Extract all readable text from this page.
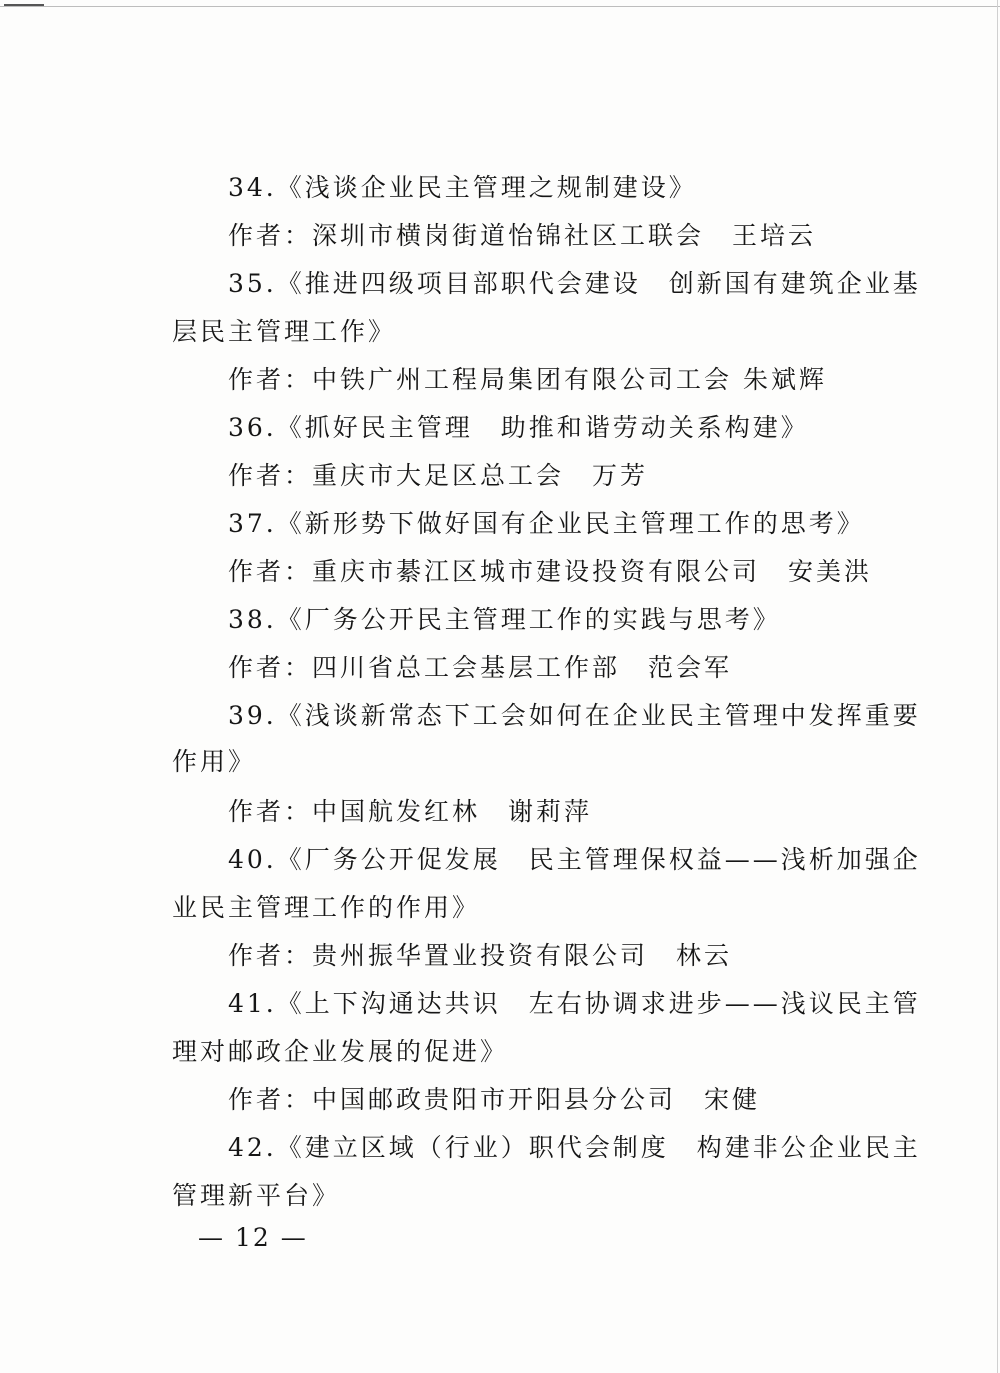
34.《浅谈企业民主管理之规制建设》
作者：深圳市横岗街道怡锦社区工联会　王培云
35.《推进四级项目部职代会建设　创新国有建筑企业基
层民主管理工作》
作者：中铁广州工程局集团有限公司工会 朱斌辉
36.《抓好民主管理　助推和谐劳动关系构建》
作者：重庆市大足区总工会　万芳
37.《新形势下做好国有企业民主管理工作的思考》
作者：重庆市綦江区城市建设投资有限公司　安美洪
38.《厂务公开民主管理工作的实践与思考》
作者：四川省总工会基层工作部　范会军
39.《浅谈新常态下工会如何在企业民主管理中发挥重要
作用》
作者：中国航发红林　谢莉萍
40.《厂务公开促发展　民主管理保权益——浅析加强企
业民主管理工作的作用》
作者：贵州振华置业投资有限公司　林云
41.《上下沟通达共识　左右协调求进步——浅议民主管
理对邮政企业发展的促进》
作者：中国邮政贵阳市开阳县分公司　宋健
42.《建立区域（行业）职代会制度　构建非公企业民主
管理新平台》
— 12 —
